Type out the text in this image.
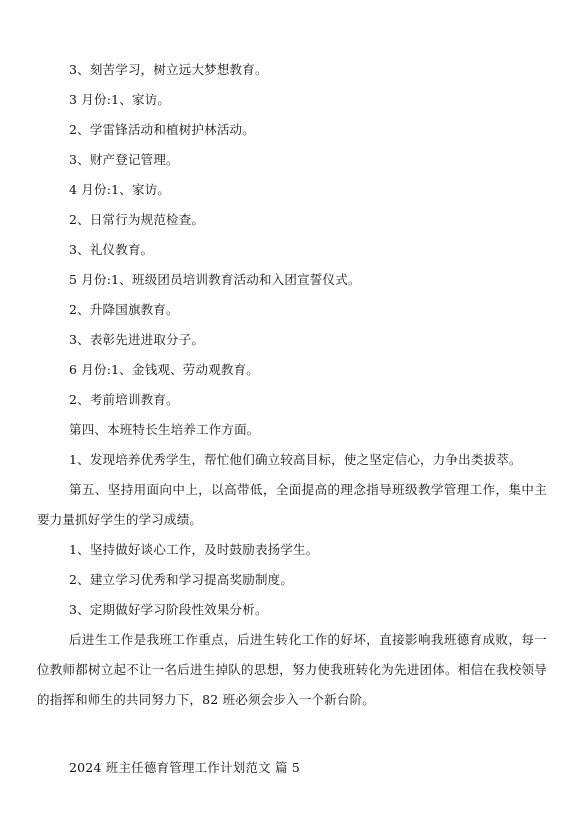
3、刻苦学习，树立远大梦想教育。
3 月份:1、家访。
2、学雷锋活动和植树护林活动。
3、财产登记管理。
4 月份:1、家访。
2、日常行为规范检查。
3、礼仪教育。
5 月份:1、班级团员培训教育活动和入团宣誓仪式。
2、升降国旗教育。
3、表彰先进进取分子。
6 月份:1、金钱观、劳动观教育。
2、考前培训教育。
第四、本班特长生培养工作方面。
1、发现培养优秀学生，帮忙他们确立较高目标，使之坚定信心，力争出类拔萃。
第五、坚持用面向中上，以高带低，全面提高的理念指导班级教学管理工作，集中主要力量抓好学生的学习成绩。
1、坚持做好谈心工作，及时鼓励表扬学生。
2、建立学习优秀和学习提高奖励制度。
3、定期做好学习阶段性效果分析。
后进生工作是我班工作重点，后进生转化工作的好坏，直接影响我班德育成败，每一位教师都树立起不让一名后进生掉队的思想，努力使我班转化为先进团体。相信在我校领导的指挥和师生的共同努力下，82 班必须会步入一个新台阶。
2024 班主任德育管理工作计划范文 篇 5
